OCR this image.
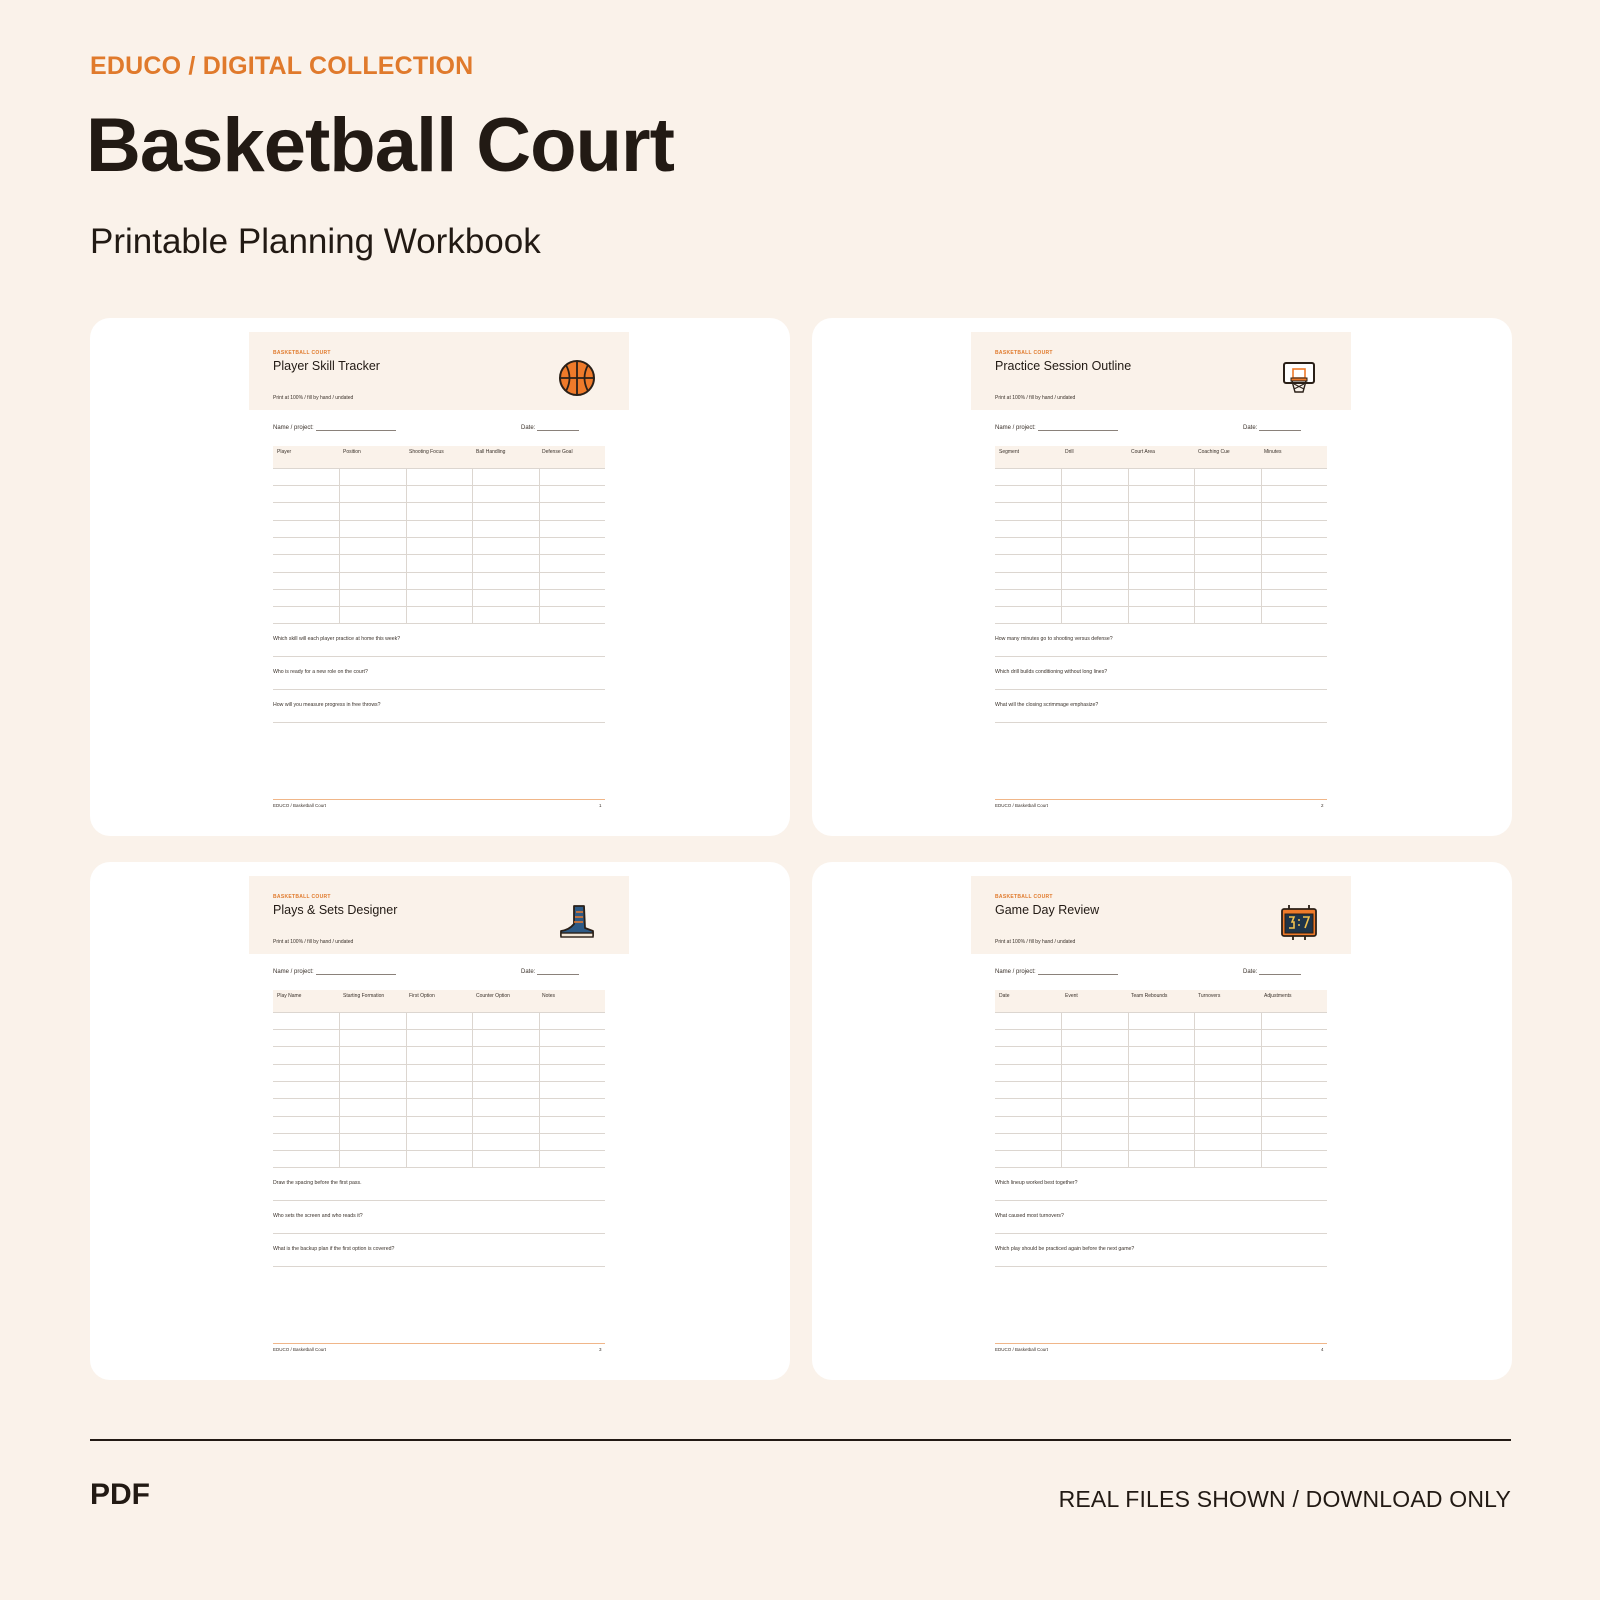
EDUCO / DIGITAL COLLECTION
Basketball Court
Printable Planning Workbook
BASKETBALL COURT
Player Skill Tracker
Print at 100% / fill by hand / undated
Name / project:	Date:
Player	Position	Shooting Focus	Ball Handling	Defense Goal
Which skill will each player practice at home this week?
Who is ready for a new role on the court?
How will you measure progress in free throws?
EDUCO / Basketball Court	1
BASKETBALL COURT
Practice Session Outline
Print at 100% / fill by hand / undated
Name / project:	Date:
Segment	Drill	Court Area	Coaching Cue	Minutes
How many minutes go to shooting versus defense?
Which drill builds conditioning without long lines?
What will the closing scrimmage emphasize?
EDUCO / Basketball Court	2
BASKETBALL COURT
Plays & Sets Designer
Print at 100% / fill by hand / undated
Name / project:	Date:
Play Name	Starting Formation	First Option	Counter Option	Notes
Draw the spacing before the first pass.
Who sets the screen and who reads it?
What is the backup plan if the first option is covered?
EDUCO / Basketball Court	3
BASKETBALL COURT
Game Day Review
Print at 100% / fill by hand / undated
Name / project:	Date:
Date	Event	Team Rebounds	Turnovers	Adjustments
Which lineup worked best together?
What caused most turnovers?
Which play should be practiced again before the next game?
EDUCO / Basketball Court	4
PDF	REAL FILES SHOWN / DOWNLOAD ONLY
